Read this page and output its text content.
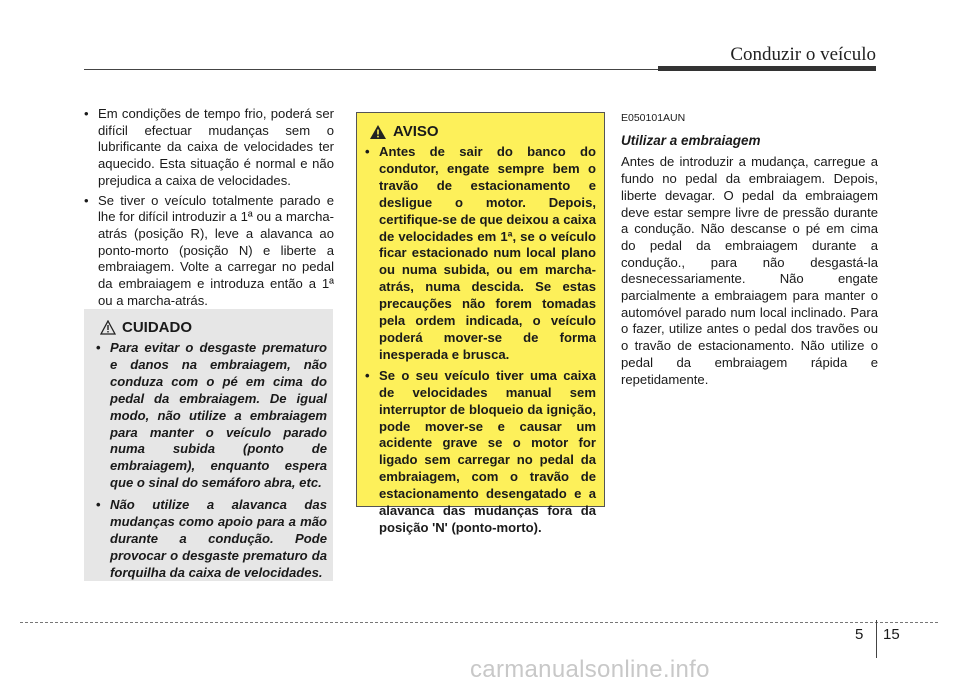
Conduzir o veículo
• Em condições de tempo frio, poderá ser difícil efectuar mudanças sem o lubrificante da caixa de velocidades ter aquecido. Esta situação é normal e não prejudica a caixa de velocidades.
• Se tiver o veículo totalmente parado e lhe for difícil introduzir a 1ª ou a marcha-atrás (posição R), leve a alavanca ao ponto-morto (posição N) e liberte a embraiagem. Volte a carregar no pedal da embraiagem e introduza então a 1ª ou a marcha-atrás.
CUIDADO
• Para evitar o desgaste prematuro e danos na embraiagem, não conduza com o pé em cima do pedal da embraiagem. De igual modo, não utilize a embraiagem para manter o veículo parado numa subida (ponto de embraiagem), enquanto espera que o sinal do semáforo abra, etc.
• Não utilize a alavanca das mudanças como apoio para a mão durante a condução. Pode provocar o desgaste prematuro da forquilha da caixa de velocidades.
AVISO
• Antes de sair do banco do condutor, engate sempre bem o travão de estacionamento e desligue o motor. Depois, certifique-se de que deixou a caixa de velocidades em 1ª, se o veículo ficar estacionado num local plano ou numa subida, ou em marcha-atrás, numa descida. Se estas precauções não forem tomadas pela ordem indicada, o veículo poderá mover-se de forma inesperada e brusca.
• Se o seu veículo tiver uma caixa de velocidades manual sem interruptor de bloqueio da ignição, pode mover-se e causar um acidente grave se o motor for ligado sem carregar no pedal da embraiagem, com o travão de estacionamento desengatado e a alavanca das mudanças fora da posição 'N' (ponto-morto).
E050101AUN
Utilizar a embraiagem
Antes de introduzir a mudança, carregue a fundo no pedal da embraiagem. Depois, liberte devagar. O pedal da embraiagem deve estar sempre livre de pressão durante a condução. Não descanse o pé em cima do pedal da embraiagem durante a condução., para não desgastá-la desnecessariamente. Não engate parcialmente a embraiagem para manter o automóvel parado num local inclinado. Para o fazer, utilize antes o pedal dos travões ou o travão de estacionamento. Não utilize o pedal da embraiagem rápida e repetidamente.
5 15
carmanualsonline.info
